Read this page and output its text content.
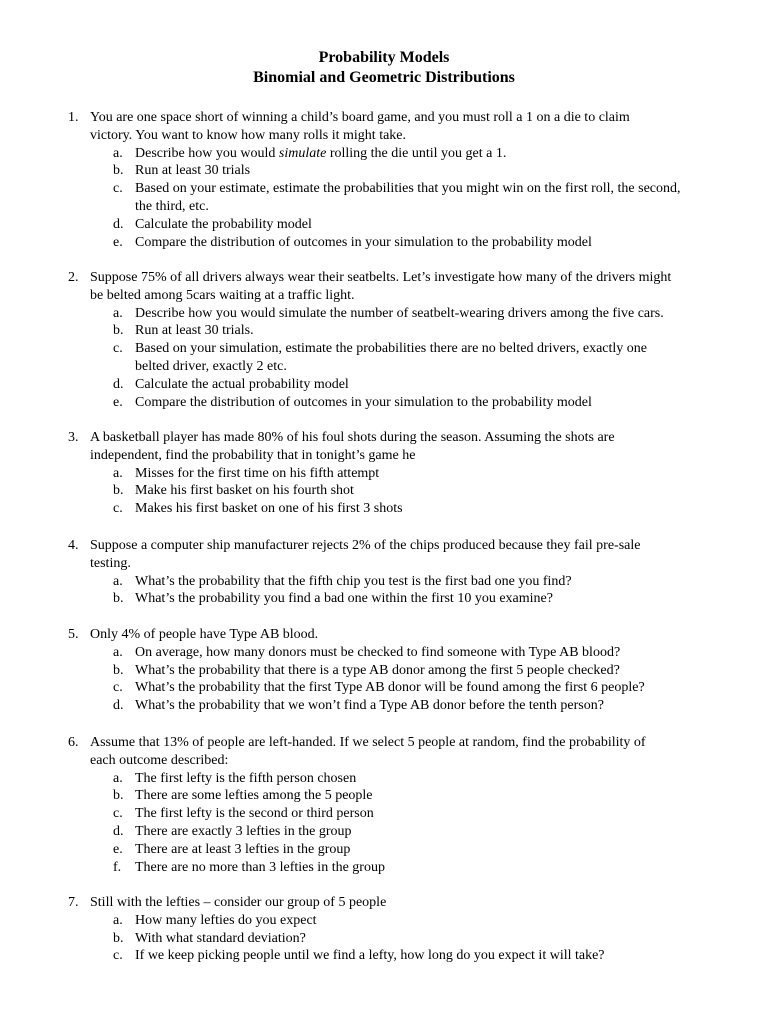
Probability Models
Binomial and Geometric Distributions
1. You are one space short of winning a child’s board game, and you must roll a 1 on a die to claim
victory. You want to know how many rolls it might take.
a. Describe how you would simulate rolling the die until you get a 1.
b. Run at least 30 trials
c. Based on your estimate, estimate the probabilities that you might win on the first roll, the second,
the third, etc.
d. Calculate the probability model
e. Compare the distribution of outcomes in your simulation to the probability model
2. Suppose 75% of all drivers always wear their seatbelts. Let’s investigate how many of the drivers might
be belted among 5cars waiting at a traffic light.
a. Describe how you would simulate the number of seatbelt-wearing drivers among the five cars.
b. Run at least 30 trials.
c. Based on your simulation, estimate the probabilities there are no belted drivers, exactly one
belted driver, exactly 2 etc.
d. Calculate the actual probability model
e. Compare the distribution of outcomes in your simulation to the probability model
3. A basketball player has made 80% of his foul shots during the season. Assuming the shots are
independent, find the probability that in tonight’s game he
a. Misses for the first time on his fifth attempt
b. Make his first basket on his fourth shot
c. Makes his first basket on one of his first 3 shots
4. Suppose a computer ship manufacturer rejects 2% of the chips produced because they fail pre-sale
testing.
a. What’s the probability that the fifth chip you test is the first bad one you find?
b. What’s the probability you find a bad one within the first 10 you examine?
5. Only 4% of people have Type AB blood.
a. On average, how many donors must be checked to find someone with Type AB blood?
b. What’s the probability that there is a type AB donor among the first 5 people checked?
c. What’s the probability that the first Type AB donor will be found among the first 6 people?
d. What’s the probability that we won’t find a Type AB donor before the tenth person?
6. Assume that 13% of people are left-handed. If we select 5 people at random, find the probability of
each outcome described:
a. The first lefty is the fifth person chosen
b. There are some lefties among the 5 people
c. The first lefty is the second or third person
d. There are exactly 3 lefties in the group
e. There are at least 3 lefties in the group
f. There are no more than 3 lefties in the group
7. Still with the lefties – consider our group of 5 people
a. How many lefties do you expect
b. With what standard deviation?
c. If we keep picking people until we find a lefty, how long do you expect it will take?
